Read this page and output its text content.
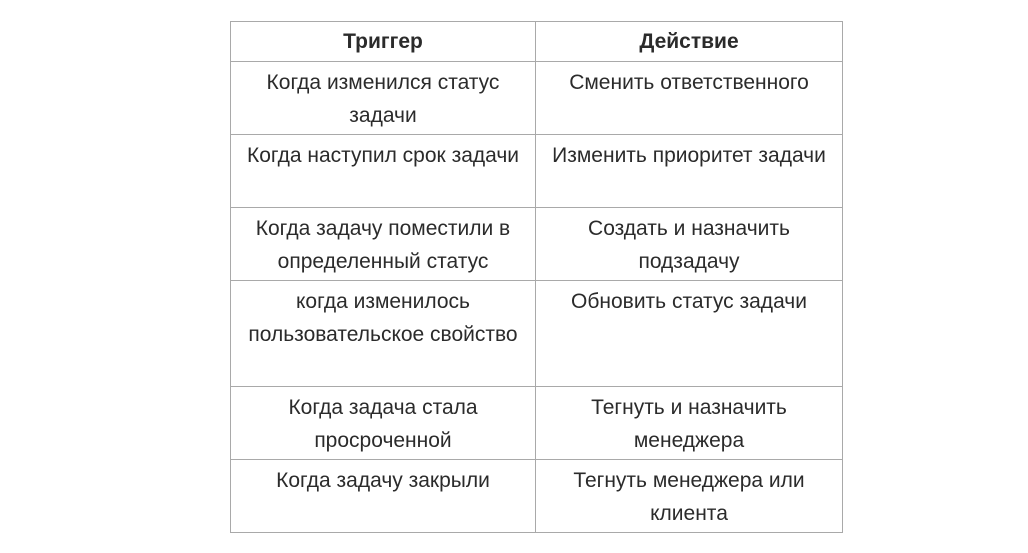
Триггер	Действие
Когда изменился статус задачи	Сменить ответственного
Когда наступил срок задачи	Изменить приоритет задачи
Когда задачу поместили в определенный статус	Создать и назначить подзадачу
когда изменилось пользовательское свойство	Обновить статус задачи
Когда задача стала просроченной	Тегнуть и назначить менеджера
Когда задачу закрыли	Тегнуть менеджера или клиента
